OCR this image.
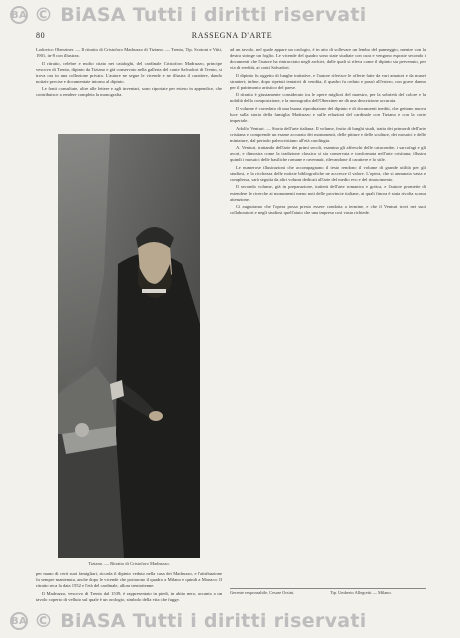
BA © BiASA Tutti i diritti riservati
80	RASSEGNA D'ARTE

Lodovico Oberziner. — Il ritratto di Cristoforo Madruzzo di Tiziano. — Trento, Tip. Scotoni e Vitti, 1901, in-8 con illustraz.

Il ritratto, celebre e molto citato nei cataloghi, del cardinale Cristoforo Madruzzo, principe vescovo di Trento, dipinto da Tiziano e già conservato nella galleria del conte Salvadori di Trento, si trova ora in una collezione privata. L'autore ne segue le vicende e ne illustra il carattere, dando notizie precise e documentate intorno al dipinto.

Le fonti consultate, oltre alle lettere e agli inventari, sono riportate per esteso in appendice, che contribuisce a rendere completa la monografia.

Tiziano. — Ritratto di Cristoforo Madruzzo.

per mano di certi suoi famigliari, ricorda il dipinto veduto nella casa dei Madruzzo, e l'attribuzione fu sempre mantenuta, anche dopo le vicende che portarono il quadro a Milano e quindi a Monaco. Il ritratto reca la data 1552 e l'età del cardinale, allora trentottenne.

Il Madruzzo, vescovo di Trento dal 1539, è rappresentato in piedi, in abito nero, accanto a un tavolo coperto di velluto sul quale è un orologio, simbolo della vita che fugge.

ad un tavolo, nel quale appare un orologio, è in atto di sollevare un lembo del panneggio, mentre con la destra stringe un foglio. Le vicende del quadro sono state studiate con cura e vengono esposte secondo i documenti che l'autore ha rintracciato negli archivi, dalle quali si rileva come il dipinto sia pervenuto, per via di eredità, ai conti Salvadori.

Il dipinto fu oggetto di lunghe trattative, e l'autore riferisce le offerte fatte da vari amatori e da musei stranieri; infine, dopo ripetuti tentativi di vendita, il quadro fu ceduto e passò all'estero, con grave danno per il patrimonio artistico del paese.

Il ritratto è giustamente considerato tra le opere migliori del maestro, per la sobrietà del colore e la nobiltà della composizione, e la monografia dell'Oberziner ne dà una descrizione accurata.

Il volume è corredato di una buona riproduzione del dipinto e di documenti inediti, che gettano nuova luce sulla storia della famiglia Madruzzo e sulle relazioni del cardinale con Tiziano e con la corte imperiale.

Adolfo Venturi. — Storia dell'arte italiana. Il volume, frutto di lunghi studi, tratta dei primordi dell'arte cristiana e comprende un esame accurato dei monumenti, delle pitture e delle sculture, dei mosaici e delle miniature, dal periodo paleocristiano all'età carolingia.

A. Venturi, trattando dell'arte dei primi secoli, esamina gli affreschi delle catacombe, i sarcofagi e gli avori, e dimostra come la tradizione classica si sia conservata e trasformata nell'arte cristiana; illustra quindi i mosaici delle basiliche romane e ravennati, rilevandone il carattere e lo stile.

Le numerose illustrazioni che accompagnano il testo rendono il volume di grande utilità per gli studiosi, e la ricchezza delle notizie bibliografiche ne accresce il valore. L'opera, che si annunzia vasta e complessa, sarà seguita da altri volumi dedicati all'arte del medio evo e del rinascimento.

Il secondo volume, già in preparazione, tratterà dell'arte romanica e gotica, e l'autore promette di estendere le ricerche ai monumenti meno noti delle provincie italiane, ai quali finora è stata rivolta scarsa attenzione.

Ci auguriamo che l'opera possa presto essere condotta a termine, e che il Venturi trovi nei suoi collaboratori e negli studiosi quell'aiuto che una impresa così vasta richiede.

Gerente responsabile, Cesare Orsini.	Tip. Umberto Allegretti — Milano.
BA © BiASA Tutti i diritti riservati
